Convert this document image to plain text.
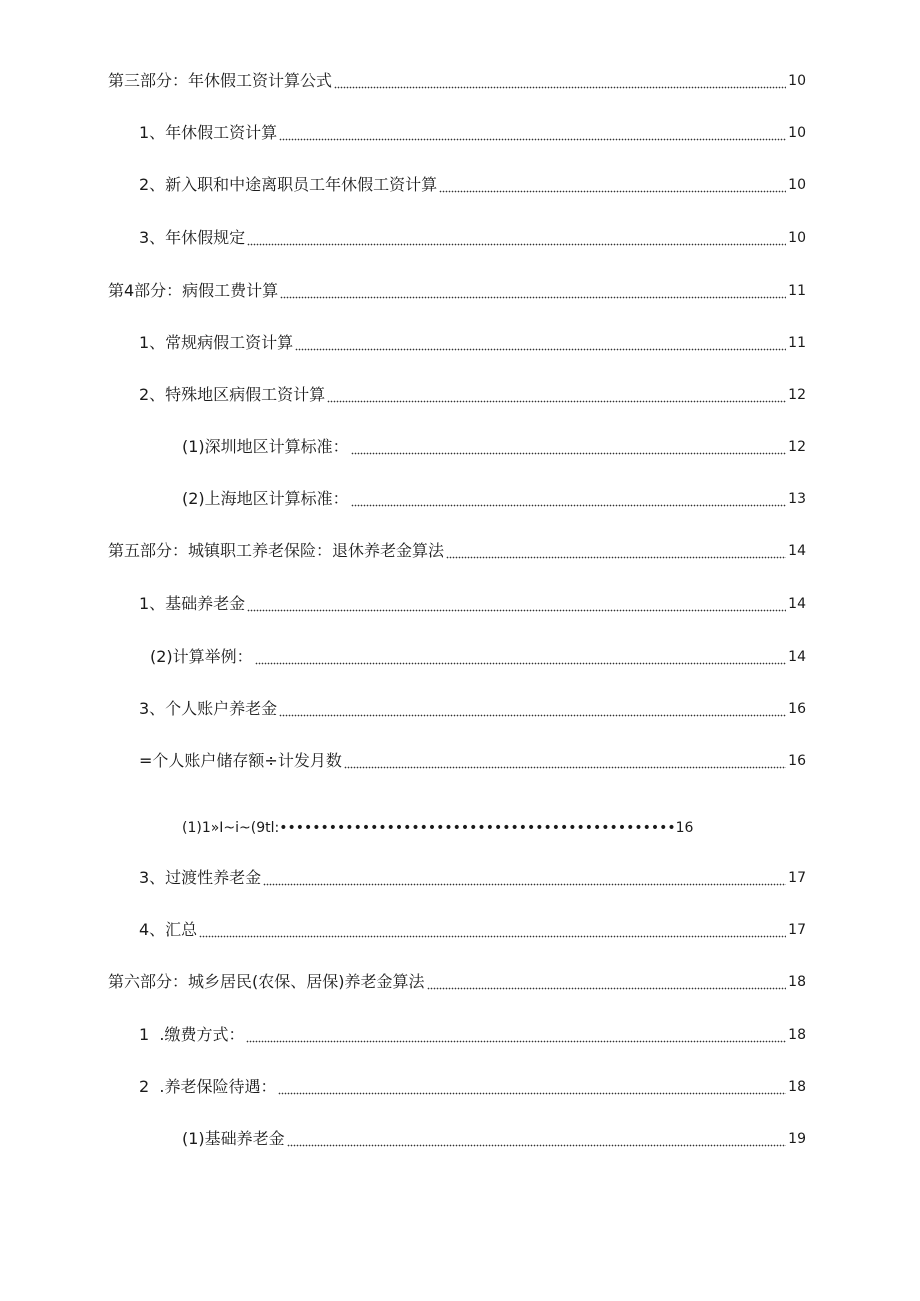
第三部分：年休假工资计算公式	10
1、年休假工资计算	10
2、新入职和中途离职员工年休假工资计算	10
3、年休假规定	10
第4部分：病假工费计算	11
1、常规病假工资计算	11
2、特殊地区病假工资计算	12
(1)深圳地区计算标准：	12
(2)上海地区计算标准：	13
第五部分：城镇职工养老保险：退休养老金算法	14
1、基础养老金	14
(2)计算举例：	14
3、个人账户养老金	16
=个人账户储存额÷计发月数	16
(1)1»I~i~(9tl:••••••••••••••••••••••••••••••••••••••••••••••••16
3、过渡性养老金	17
4、汇总	17
第六部分：城乡居民(农保、居保)养老金算法	18
1  .缴费方式：	18
2  .养老保险待遇：	18
(1)基础养老金	19
